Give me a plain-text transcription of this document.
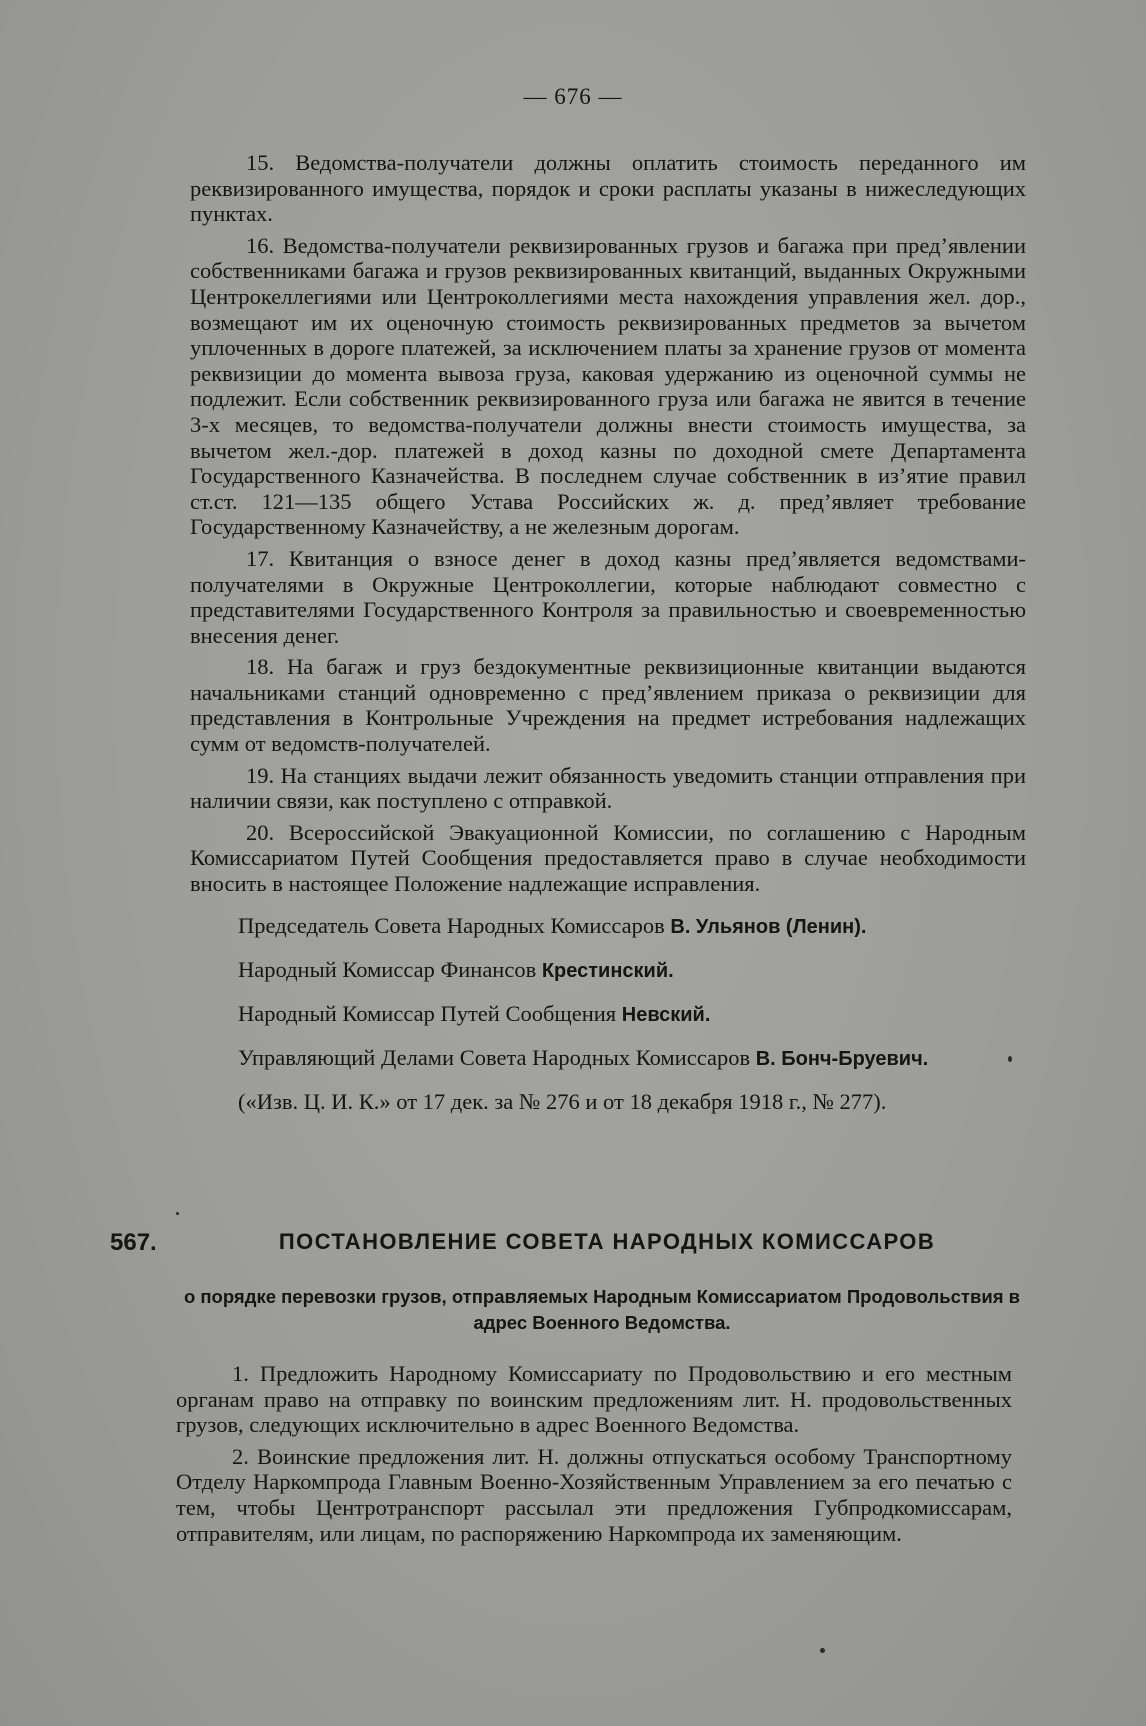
— 676 —

15. Ведомства-получатели должны оплатить стоимость переданного им реквизированного имущества, порядок и сроки расплаты указаны в нижеследующих пунктах.

16. Ведомства-получатели реквизированных грузов и багажа при пред’явлении собственниками багажа и грузов реквизированных квитанций, выданных Окружными Центрокеллегиями или Центроколлегиями места нахождения управления жел. дор., возмещают им их оценочную стоимость реквизированных предметов за вычетом уплоченных в дороге платежей, за исключением платы за хранение грузов от момента реквизиции до момента вывоза груза, каковая удержанию из оценочной суммы не подлежит. Если собственник реквизированного груза или багажа не явится в течение 3-х месяцев, то ведомства-получатели должны внести стоимость имущества, за вычетом жел.-дор. платежей в доход казны по доходной смете Департамента Государственного Казначейства. В последнем случае собственник в из’ятие правил ст.ст. 121—135 общего Устава Российских ж. д. пред’являет требование Государственному Казначейству, а не железным дорогам.

17. Квитанция о взносе денег в доход казны пред’является ведомствами-получателями в Окружные Центроколлегии, которые наблюдают совместно с представителями Государственного Контроля за правильностью и своевременностью внесения денег.

18. На багаж и груз бездокументные реквизиционные квитанции выдаются начальниками станций одновременно с пред’явлением приказа о реквизиции для представления в Контрольные Учреждения на предмет истребования надлежащих сумм от ведомств-получателей.

19. На станциях выдачи лежит обязанность уведомить станции отправления при наличии связи, как поступлено с отправкой.

20. Всероссийской Эвакуационной Комиссии, по соглашению с Народным Комиссариатом Путей Сообщения предоставляется право в случае необходимости вносить в настоящее Положение надлежащие исправления.

Председатель Совета Народных Комиссаров В. Ульянов (Ленин).
Народный Комиссар Финансов Крестинский.
Народный Комиссар Путей Сообщения Невский.
Управляющий Делами Совета Народных Комиссаров В. Бонч-Бруевич.
(«Изв. Ц. И. К.» от 17 дек. за № 276 и от 18 декабря 1918 г., № 277).
567.	ПОСТАНОВЛЕНИЕ СОВЕТА НАРОДНЫХ КОМИССАРОВ
о порядке перевозки грузов, отправляемых Народным Комиссариатом Продовольствия в адрес Военного Ведомства.

1. Предложить Народному Комиссариату по Продовольствию и его местным органам право на отправку по воинским предложениям лит. Н. продовольственных грузов, следующих исключительно в адрес Военного Ведомства.

2. Воинские предложения лит. Н. должны отпускаться особому Транспортному Отделу Наркомпрода Главным Военно-Хозяйственным Управлением за его печатью с тем, чтобы Центротранспорт рассылал эти предложения Губпродкомиссарам, отправителям, или лицам, по распоряжению Наркомпрода их заменяющим.
